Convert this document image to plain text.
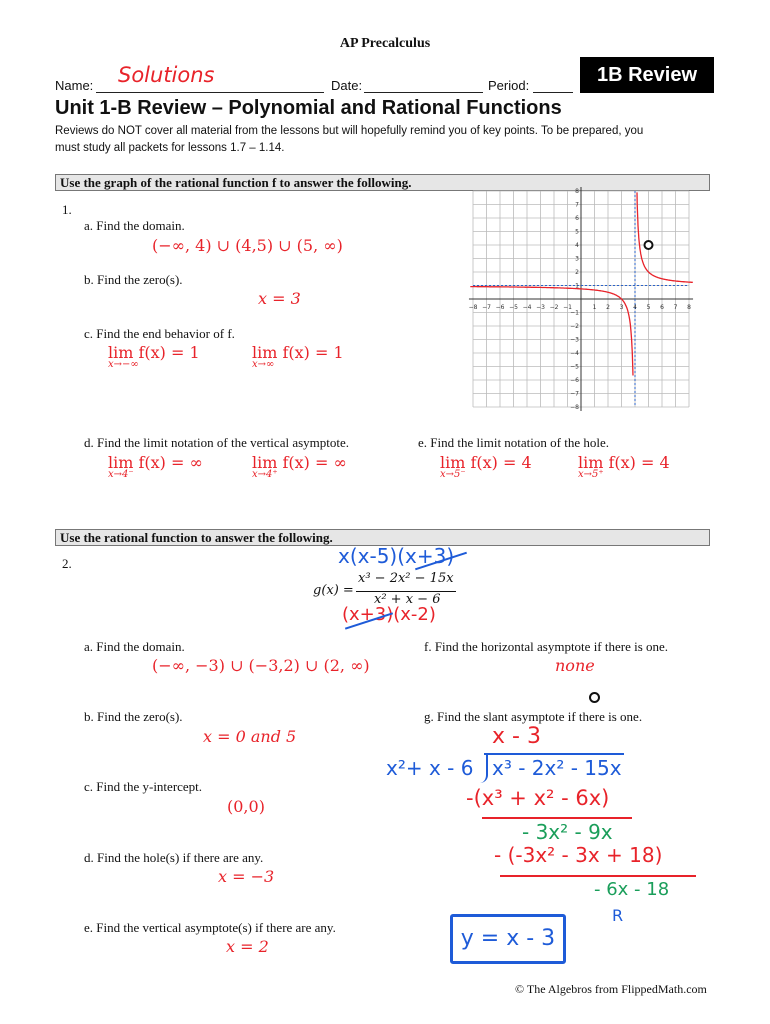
AP Precalculus
Name: Solutions	Date:	Period:	1B Review
Unit 1-B Review – Polynomial and Rational Functions
Reviews do NOT cover all material from the lessons but will hopefully remind you of key points. To be prepared, you
must study all packets for lessons 1.7 – 1.14.
Use the graph of the rational function f to answer the following.
1.
a. Find the domain.
(−∞, 4) ∪ (4,5) ∪ (5, ∞)
b. Find the zero(s).
x = 3
c. Find the end behavior of f.
lim f(x) = 1
x→−∞
lim f(x) = 1
x→∞
d. Find the limit notation of the vertical asymptote.
lim f(x) = ∞
x→4⁻
lim f(x) = ∞
x→4⁺
e. Find the limit notation of the hole.
lim f(x) = 4
x→5⁻
lim f(x) = 4
x→5⁺
−8 −7 −6 −5 −4 −3 −2 −1	1 2 3 4 5 6 7 8
8
7
6
5
4
3
2
1
−1
−2
−3
−4
−5
−6
−7
−8
Use the rational function to answer the following.
2.	x(x-5)(x+3)
g(x) =
x³ − 2x² − 15x
x² + x − 6
(x+3)(x-2)
a. Find the domain.
(−∞, −3) ∪ (−3,2) ∪ (2, ∞)
b. Find the zero(s).
x = 0 and 5
c. Find the y-intercept.
(0,0)
d. Find the hole(s) if there are any.
x = −3
e. Find the vertical asymptote(s) if there are any.
x = 2
f. Find the horizontal asymptote if there is one.
none
g. Find the slant asymptote if there is one.
x - 3
x²+ x - 6 x³ - 2x² - 15x
-(x³ + x² - 6x)
- 3x² - 9x
- (-3x² - 3x + 18)
- 6x - 18
R
y = x - 3
© The Algebros from FlippedMath.com
